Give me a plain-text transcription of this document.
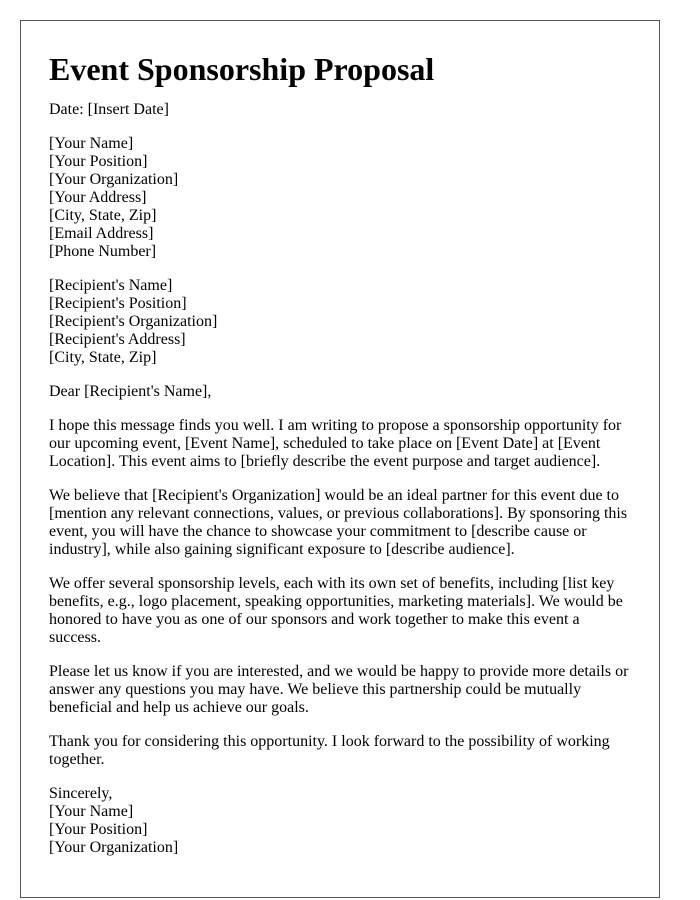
Event Sponsorship Proposal

Date: [Insert Date]

[Your Name]
[Your Position]
[Your Organization]
[Your Address]
[City, State, Zip]
[Email Address]
[Phone Number]
[Recipient's Name]
[Recipient's Position]
[Recipient's Organization]
[Recipient's Address]
[City, State, Zip]

Dear [Recipient's Name],

I hope this message finds you well. I am writing to propose a sponsorship opportunity for our upcoming event, [Event Name], scheduled to take place on [Event Date] at [Event Location]. This event aims to [briefly describe the event purpose and target audience].

We believe that [Recipient's Organization] would be an ideal partner for this event due to [mention any relevant connections, values, or previous collaborations]. By sponsoring this event, you will have the chance to showcase your commitment to [describe cause or industry], while also gaining significant exposure to [describe audience].

We offer several sponsorship levels, each with its own set of benefits, including [list key benefits, e.g., logo placement, speaking opportunities, marketing materials]. We would be honored to have you as one of our sponsors and work together to make this event a success.

Please let us know if you are interested, and we would be happy to provide more details or answer any questions you may have. We believe this partnership could be mutually beneficial and help us achieve our goals.

Thank you for considering this opportunity. I look forward to the possibility of working together.

Sincerely,
[Your Name]
[Your Position]
[Your Organization]
